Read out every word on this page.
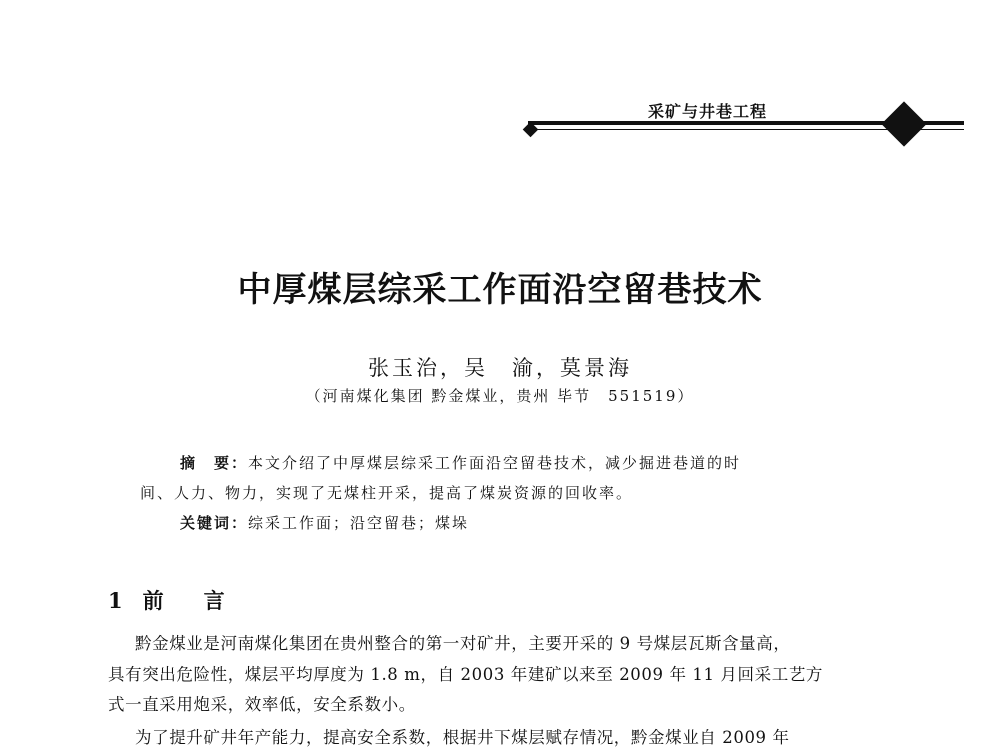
采矿与井巷工程
中厚煤层综采工作面沿空留巷技术
张玉治，吴　渝，莫景海
（河南煤化集团 黔金煤业，贵州 毕节　551519）
摘　要：本文介绍了中厚煤层综采工作面沿空留巷技术，减少掘进巷道的时
间、人力、物力，实现了无煤柱开采，提高了煤炭资源的回收率。
关键词：综采工作面；沿空留巷；煤垛
1 前言
黔金煤业是河南煤化集团在贵州整合的第一对矿井，主要开采的 9 号煤层瓦斯含量高，
具有突出危险性，煤层平均厚度为 1.8 m，自 2003 年建矿以来至 2009 年 11 月回采工艺方
式一直采用炮采，效率低，安全系数小。
为了提升矿井年产能力，提高安全系数，根据井下煤层赋存情况，黔金煤业自 2009 年
